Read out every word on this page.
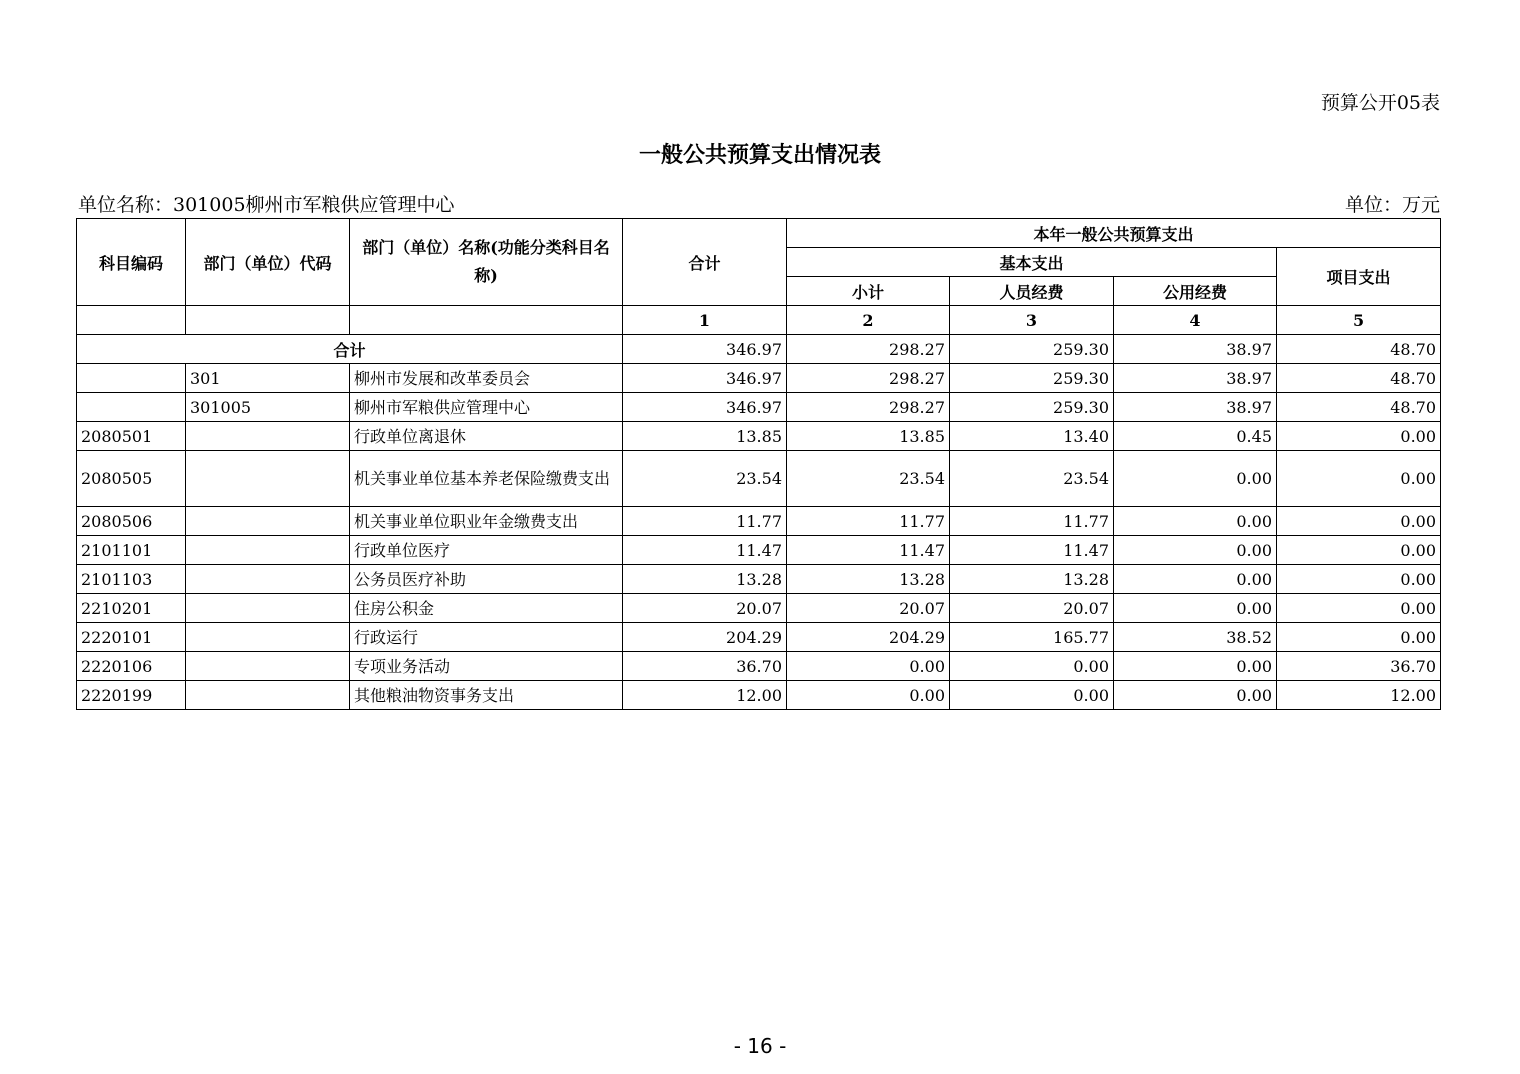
预算公开05表
一般公共预算支出情况表
单位名称：301005柳州市军粮供应管理中心	单位：万元
科目编码	部门（单位）代码	部门（单位）名称(功能分类科目名称)	合计	本年一般公共预算支出			
				基本支出			项目支出
				小计	人员经费	公用经费	
			1	2	3	4	5
合计			346.97	298.27	259.30	38.97	48.70
	301	柳州市发展和改革委员会	346.97	298.27	259.30	38.97	48.70
	301005	柳州市军粮供应管理中心	346.97	298.27	259.30	38.97	48.70
2080501		行政单位离退休	13.85	13.85	13.40	0.45	0.00
2080505		机关事业单位基本养老保险缴费支出	23.54	23.54	23.54	0.00	0.00
2080506		机关事业单位职业年金缴费支出	11.77	11.77	11.77	0.00	0.00
2101101		行政单位医疗	11.47	11.47	11.47	0.00	0.00
2101103		公务员医疗补助	13.28	13.28	13.28	0.00	0.00
2210201		住房公积金	20.07	20.07	20.07	0.00	0.00
2220101		行政运行	204.29	204.29	165.77	38.52	0.00
2220106		专项业务活动	36.70	0.00	0.00	0.00	36.70
2220199		其他粮油物资事务支出	12.00	0.00	0.00	0.00	12.00
- 16 -
